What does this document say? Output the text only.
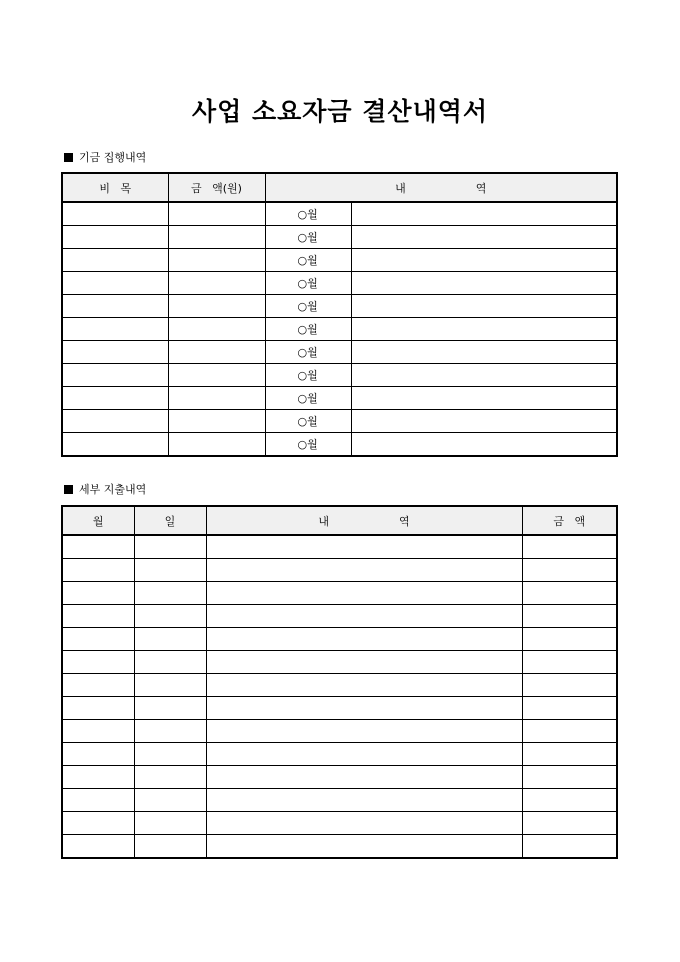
사업 소요자금 결산내역서
기금 집행내역
비   목	금   액(원)	내                    역	
		○월	
		○월	
		○월	
		○월	
		○월	
		○월	
		○월	
		○월	
		○월	
		○월	
		○월	
세부 지출내역
월	일	내                    역	금   액
